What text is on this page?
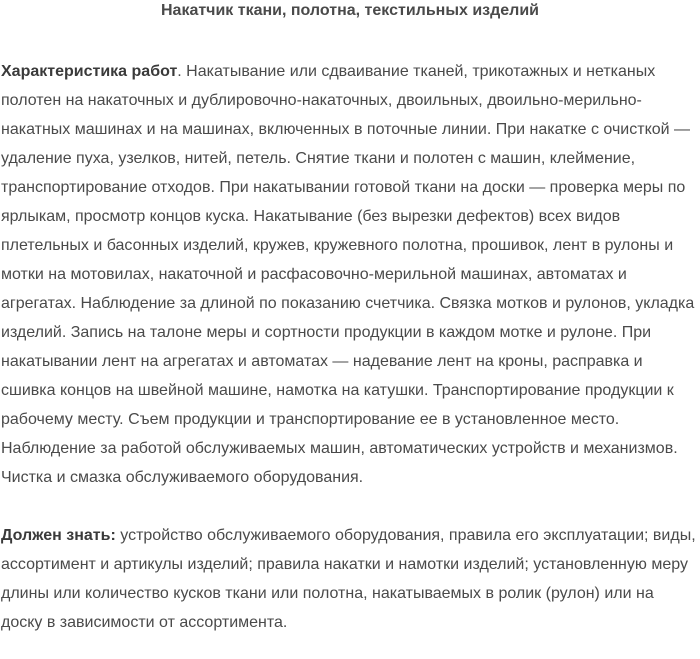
Накатчик ткани, полотна, текстильных изделий

Характеристика работ. Накатывание или сдваивание тканей, трикотажных и нетканых полотен на накаточных и дублировочно-накаточных, двоильных, двоильно-мерильно-накатных машинах и на машинах, включенных в поточные линии. При накатке с очисткой — удаление пуха, узелков, нитей, петель. Снятие ткани и полотен с машин, клеймение, транспортирование отходов. При накатывании готовой ткани на доски — проверка меры по ярлыкам, просмотр концов куска. Накатывание (без вырезки дефектов) всех видов плетельных и басонных изделий, кружев, кружевного полотна, прошивок, лент в рулоны и мотки на мотовилах, накаточной и расфасовочно-мерильной машинах, автоматах и агрегатах. Наблюдение за длиной по показанию счетчика. Связка мотков и рулонов, укладка изделий. Запись на талоне меры и сортности продукции в каждом мотке и рулоне. При накатывании лент на агрегатах и автоматах — надевание лент на кроны, расправка и сшивка концов на швейной машине, намотка на катушки. Транспортирование продукции к рабочему месту. Съем продукции и транспортирование ее в установленное место. Наблюдение за работой обслуживаемых машин, автоматических устройств и механизмов. Чистка и смазка обслуживаемого оборудования.

Должен знать: устройство обслуживаемого оборудования, правила его эксплуатации; виды, ассортимент и артикулы изделий; правила накатки и намотки изделий; установленную меру длины или количество кусков ткани или полотна, накатываемых в ролик (рулон) или на доску в зависимости от ассортимента.
